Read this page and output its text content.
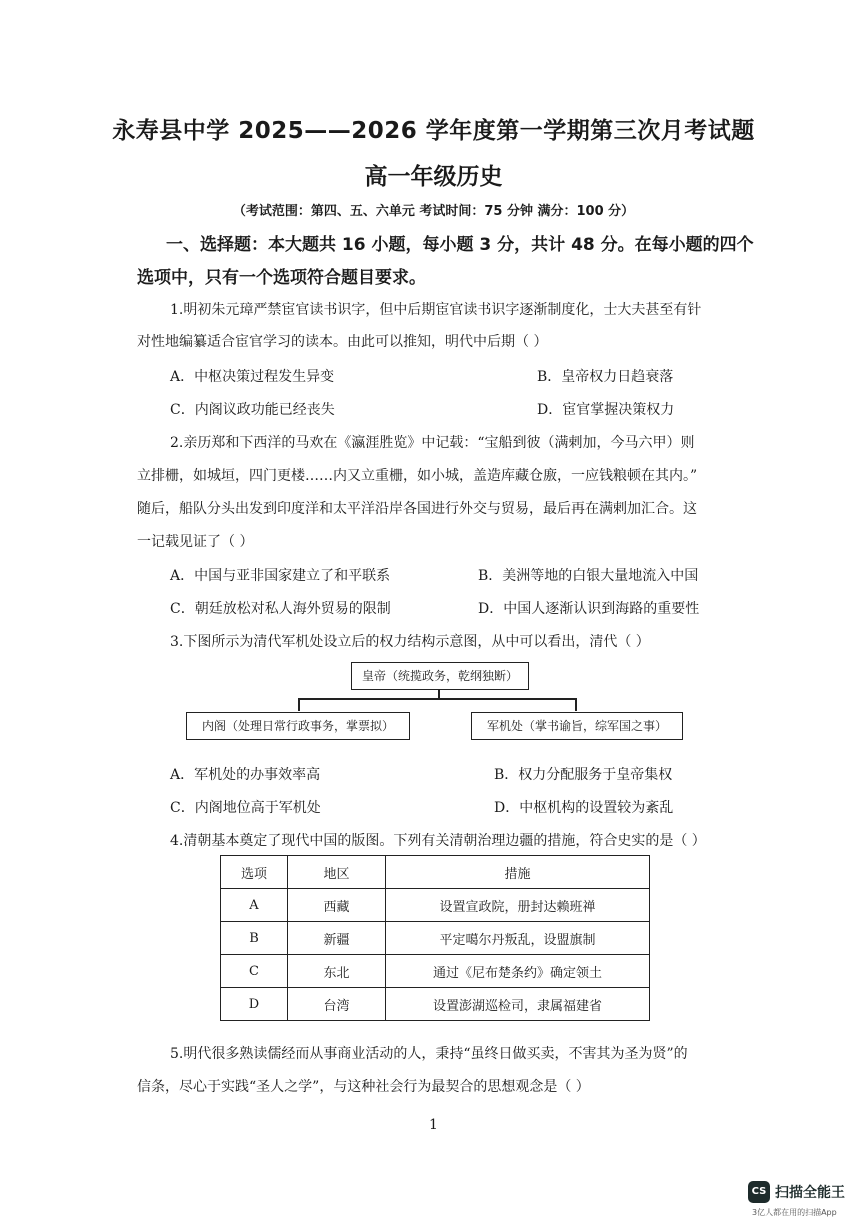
永寿县中学 2025——2026 学年度第一学期第三次月考试题
高一年级历史
（考试范围：第四、五、六单元 考试时间：75 分钟 满分：100 分）
一、选择题：本大题共 16 小题，每小题 3 分，共计 48 分。在每小题的四个
选项中，只有一个选项符合题目要求。
1.明初朱元璋严禁宦官读书识字，但中后期宦官读书识字逐渐制度化，士大夫甚至有针
对性地编纂适合宦官学习的读本。由此可以推知，明代中后期（ ）
A．中枢决策过程发生异变	B．皇帝权力日趋衰落
C．内阁议政功能已经丧失	D．宦官掌握决策权力
2.亲历郑和下西洋的马欢在《瀛涯胜览》中记载：“宝船到彼（满剌加，今马六甲）则
立排栅，如城垣，四门更楼……内又立重栅，如小城，盖造库藏仓廒，一应钱粮顿在其内。”
随后，船队分头出发到印度洋和太平洋沿岸各国进行外交与贸易，最后再在满剌加汇合。这
一记载见证了（ ）
A．中国与亚非国家建立了和平联系	B．美洲等地的白银大量地流入中国
C．朝廷放松对私人海外贸易的限制	D．中国人逐渐认识到海路的重要性
3.下图所示为清代军机处设立后的权力结构示意图，从中可以看出，清代（ ）
皇帝（统揽政务，乾纲独断）
内阁（处理日常行政事务，掌票拟）	军机处（掌书谕旨，综军国之事）
A．军机处的办事效率高	B．权力分配服务于皇帝集权
C．内阁地位高于军机处	D．中枢机构的设置较为紊乱
4.清朝基本奠定了现代中国的版图。下列有关清朝治理边疆的措施，符合史实的是（ ）
选项	地区	措施
A	西藏	设置宣政院，册封达赖班禅
B	新疆	平定噶尔丹叛乱，设盟旗制
C	东北	通过《尼布楚条约》确定领土
D	台湾	设置澎湖巡检司，隶属福建省
5.明代很多熟读儒经而从事商业活动的人，秉持“虽终日做买卖，不害其为圣为贤”的
信条，尽心于实践“圣人之学”，与这种社会行为最契合的思想观念是（ ）
1
CS 扫描全能王
3亿人都在用的扫描App
